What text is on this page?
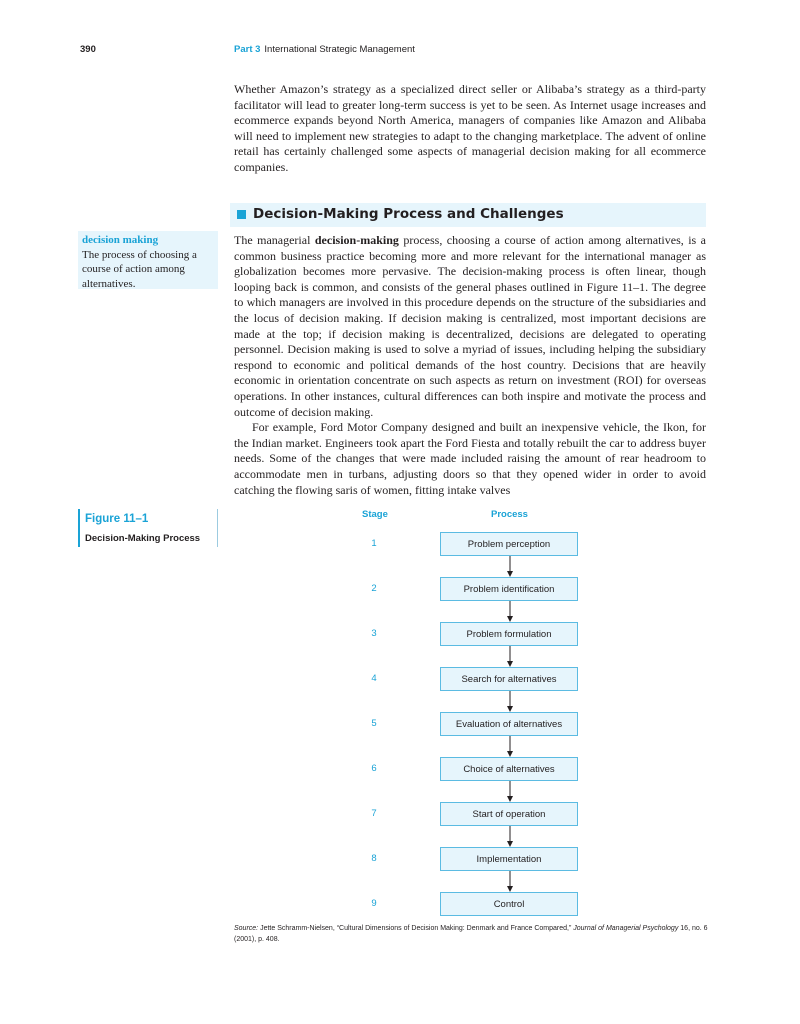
390	Part 3 International Strategic Management

Whether Amazon’s strategy as a specialized direct seller or Alibaba’s strategy as a third-party facilitator will lead to greater long-term success is yet to be seen. As Internet usage increases and ecommerce expands beyond North America, managers of companies like Amazon and Alibaba will need to implement new strategies to adapt to the changing marketplace. The advent of online retail has certainly challenged some aspects of managerial decision making for all ecommerce companies.

Decision-Making Process and Challenges
decision making
The process of choosing a course of action among alternatives.
The managerial decision-making process, choosing a course of action among alternatives, is a common business practice becoming more and more relevant for the international manager as globalization becomes more pervasive. The decision-making process is often linear, though looping back is common, and consists of the general phases outlined in Figure 11–1. The degree to which managers are involved in this procedure depends on the structure of the subsidiaries and the locus of decision making. If decision making is centralized, most important decisions are made at the top; if decision making is decentralized, decisions are delegated to operating personnel. Decision making is used to solve a myriad of issues, including helping the subsidiary respond to economic and political demands of the host country. Decisions that are heavily economic in orientation concentrate on such aspects as return on investment (ROI) for overseas operations. In other instances, cultural differences can both inspire and motivate the process and outcome of decision making.
For example, Ford Motor Company designed and built an inexpensive vehicle, the Ikon, for the Indian market. Engineers took apart the Ford Fiesta and totally rebuilt the car to address buyer needs. Some of the changes that were made included raising the amount of rear headroom to accommodate men in turbans, adjusting doors so that they opened wider in order to avoid catching the flowing saris of women, fitting intake valves
Figure 11–1
Decision-Making Process
Stage	Process
1	Problem perception
2	Problem identification
3	Problem formulation
4	Search for alternatives
5	Evaluation of alternatives
6	Choice of alternatives
7	Start of operation
8	Implementation
9	Control
Source: Jette Schramm-Nielsen, “Cultural Dimensions of Decision Making: Denmark and France Compared,” Journal of Managerial Psychology 16, no. 6 (2001), p. 408.
